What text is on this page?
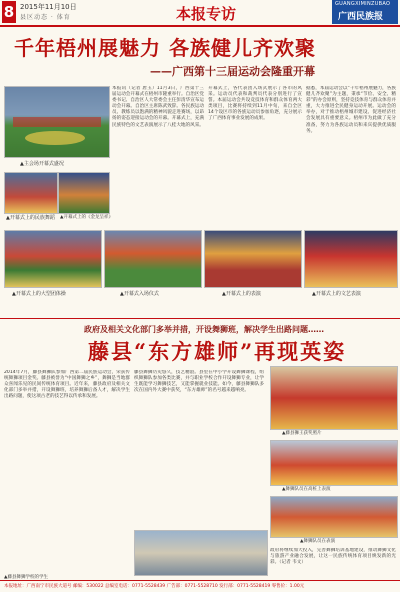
8 2015年11月10日
县区动态 · 体育	本报专访
GUANGXIMINZUBAO
广西民族报
千年梧州展魅力 各族健儿齐欢聚
——广西第十三届运动会隆重开幕
▲主会场开幕式盛况
本报讯（记者 唐玉）11月3日，广西第十三届运动会开幕式在梧州市隆重举行。自治区党委书记、自治区人大常委会主任彭清华宣布运动会开幕。自治区主席陈武致辞。各民族运动员、教练员以饱满的精神风貌走进赛场，以昂扬的姿态迎接运动会的开幕。开幕式上，充满民族特色的文艺表演展示了八桂大地的风采。
开幕式上，各代表团入场式展示了各市的风采。运动员代表和裁判员代表分别进行了宣誓。本届运动会共设竞技体育和群众体育两大类项目，比赛将持续到11月中旬，来自全区14个设区市的各族运动员参加角逐，充分展示了广西体育事业发展的成果。
据悉，本届运动会以“千年梧州展魅力，各族健儿齐欢聚”为主题，秉承“节俭、安全、精彩”的办会原则，坚持竞技体育与群众体育并重，大力推进全民健身运动开展。运动会的举办，对于推动梧州城市建设、促进经济社会发展具有重要意义。梧州市为此做了充分准备，努力为各族运动员和来宾提供优质服务。
▲开幕式上的民族舞蹈 ▲开幕式上的《金龙呈祥》
▲开幕式上的大型团体操	▲开幕式入场仪式	▲开幕式上的表演	▲开幕式上的文艺表演
政府及相关文化部门多举并措，开设舞狮班，解决学生出路问题……
藤县“东方雄师”再现英姿
2014年7月，藤县舞狮队参加广西第二届民族运动会，荣获传统舞狮项目金奖。藤县被誉为“中国舞狮之乡”，舞狮是当地群众喜闻乐见的民间传统体育项目。近年来，藤县政府及相关文化部门多举并措，开设舞狮班，培养舞狮后备人才，解决学生出路问题，使这项古老的技艺得以传承和发展。
藤县舞狮历史悠久，技艺精湛。县里在中小学开设舞狮课程，组织舞狮队参加各类比赛，并与职业学校合作开设舞狮专业，让学生既能学习舞狮技艺，又能掌握就业技能。如今，藤县舞狮队多次在国内外大赛中获奖，“东方雄师”的名号越来越响亮。
▲藤县狮王获奖照片
▲舞狮队员在高桩上表演
▲舞狮队员在表演
政府将继续加大投入，完善舞狮培训基地建设，推动舞狮文化与旅游产业融合发展，让这一民族传统体育项目焕发新的光彩。（记者 韦文）
▲藤县舞狮学校的学生
本报地址：广西南宁市民族大道号 邮编：530022 总编室电话：0771-5528439 广告部：0771-5528710 发行部：0771-5528419 零售价：1.00元
